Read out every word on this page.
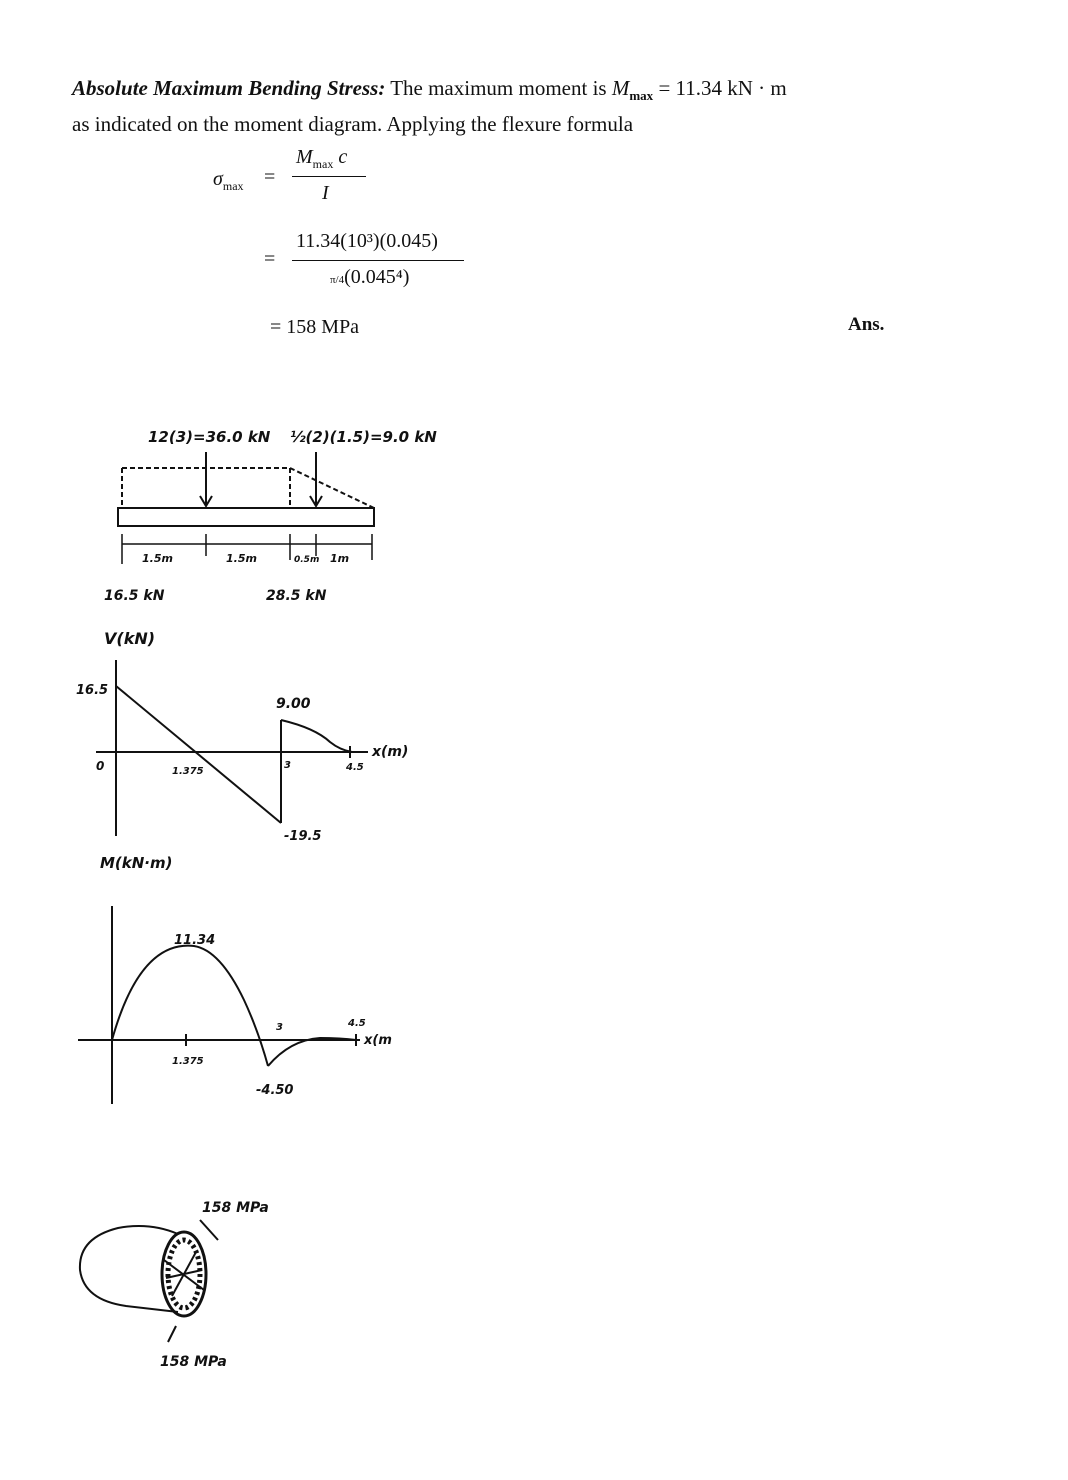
Absolute Maximum Bending Stress: The maximum moment is $M_{max} = 11.34$ kN · m
as indicated on the moment diagram. Applying the flexure formula
$\sigma_{max}$ =
$M_{max}$ c
I
=
11.34(10³)(0.045)
π/4(0.045⁴)
= 158 MPa	Ans.
12(3)=36.0 kN ½(2)(1.5)=9.0 kN
1.5m	1.5m	0.5m 1m
16.5 kN	28.5 kN
V(kN)
16.5
0	1.375
9.00
3	4.5
x(m)
-19.5
M(kN·m)
11.34
1.375
3	4.5
x(m
-4.50
158 MPa
158 MPa
